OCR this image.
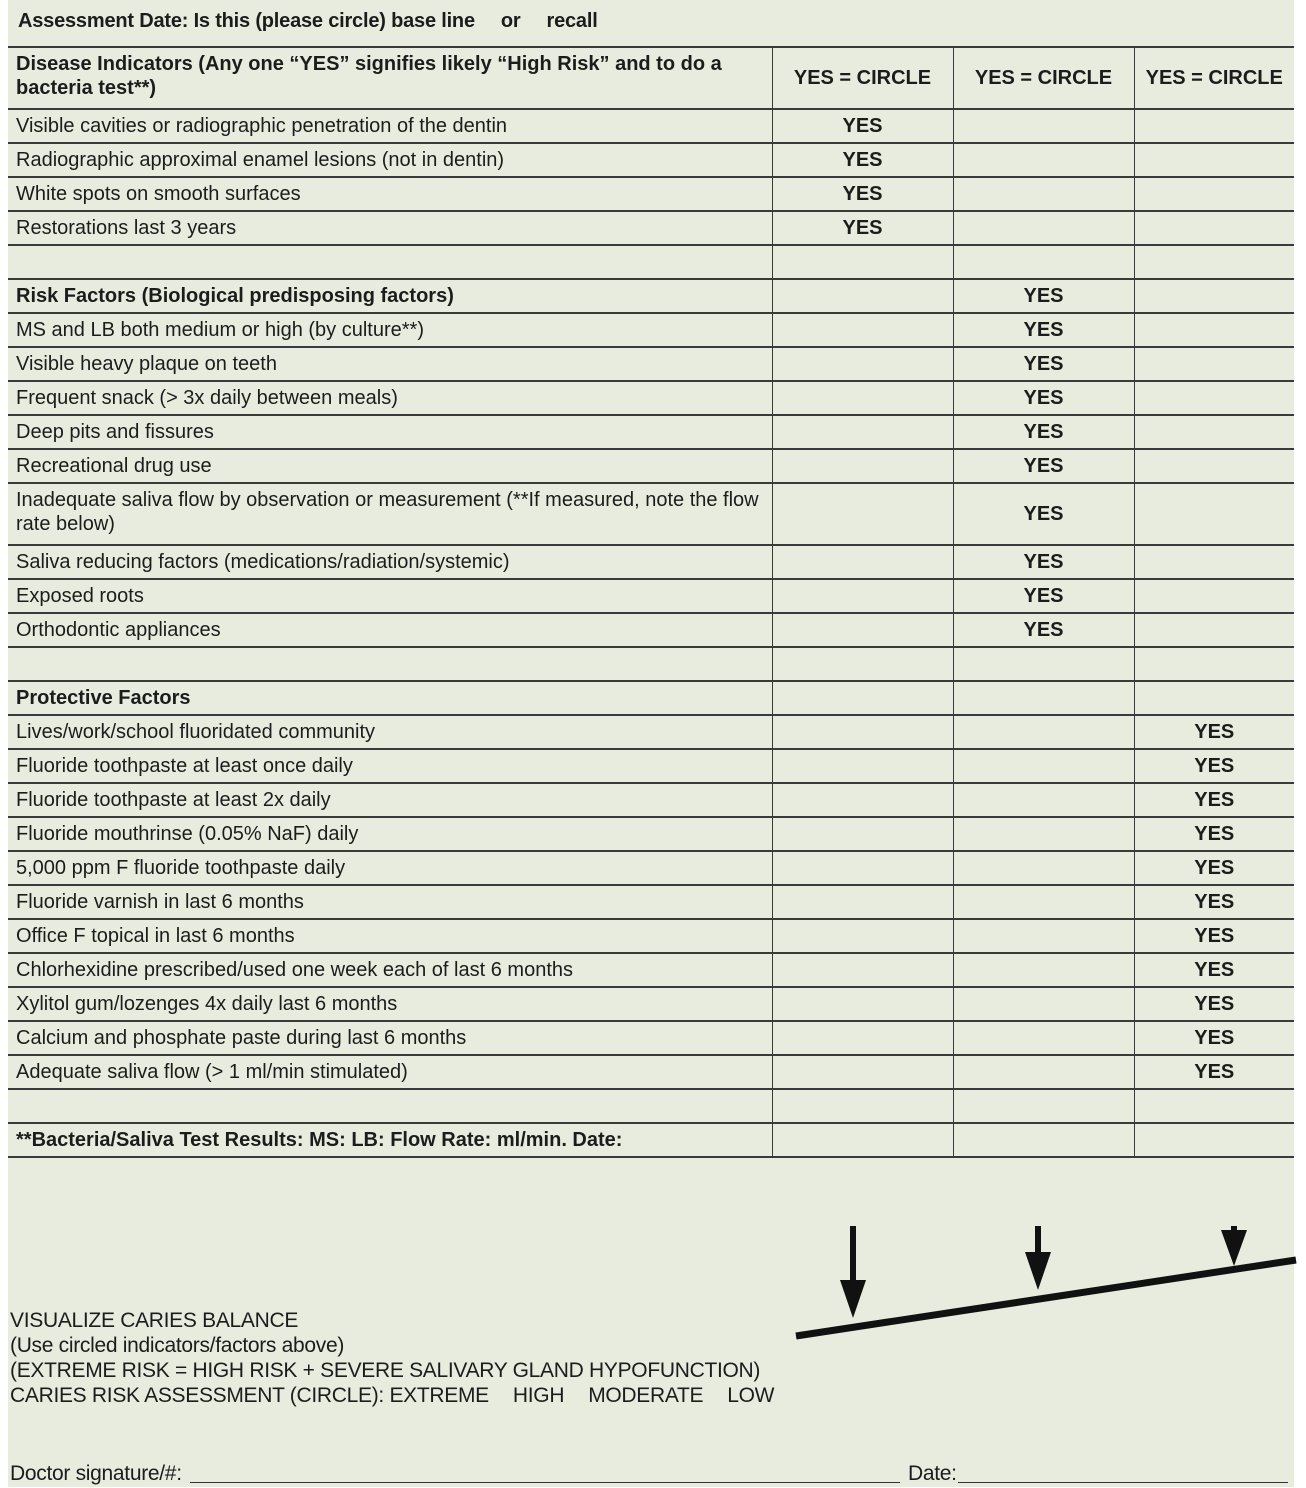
Assessment Date: Is this (please circle) base line or recall
Disease Indicators (Any one “YES” signifies likely “High Risk” and to do a bacteria test**)	YES = CIRCLE	YES = CIRCLE	YES = CIRCLE
Visible cavities or radiographic penetration of the dentin	YES		
Radiographic approximal enamel lesions (not in dentin)	YES		
White spots on smooth surfaces	YES		
Restorations last 3 years	YES		

Risk Factors (Biological predisposing factors)		YES	
MS and LB both medium or high (by culture**)		YES	
Visible heavy plaque on teeth		YES	
Frequent snack (> 3x daily between meals)		YES	
Deep pits and fissures		YES	
Recreational drug use		YES	
Inadequate saliva flow by observation or measurement (**If measured, note the flow rate below)		YES	
Saliva reducing factors (medications/radiation/systemic)		YES	
Exposed roots		YES	
Orthodontic appliances		YES	

Protective Factors			
Lives/work/school fluoridated community			YES
Fluoride toothpaste at least once daily			YES
Fluoride toothpaste at least 2x daily			YES
Fluoride mouthrinse (0.05% NaF) daily			YES
5,000 ppm F fluoride toothpaste daily			YES
Fluoride varnish in last 6 months			YES
Office F topical in last 6 months			YES
Chlorhexidine prescribed/used one week each of last 6 months			YES
Xylitol gum/lozenges 4x daily last 6 months			YES
Calcium and phosphate paste during last 6 months			YES
Adequate saliva flow (> 1 ml/min stimulated)			YES

**Bacteria/Saliva Test Results: MS: LB: Flow Rate: ml/min. Date:			
VISUALIZE CARIES BALANCE
(Use circled indicators/factors above)
(EXTREME RISK = HIGH RISK + SEVERE SALIVARY GLAND HYPOFUNCTION)
CARIES RISK ASSESSMENT (CIRCLE): EXTREME HIGH MODERATE LOW
Doctor signature/#:	Date:
